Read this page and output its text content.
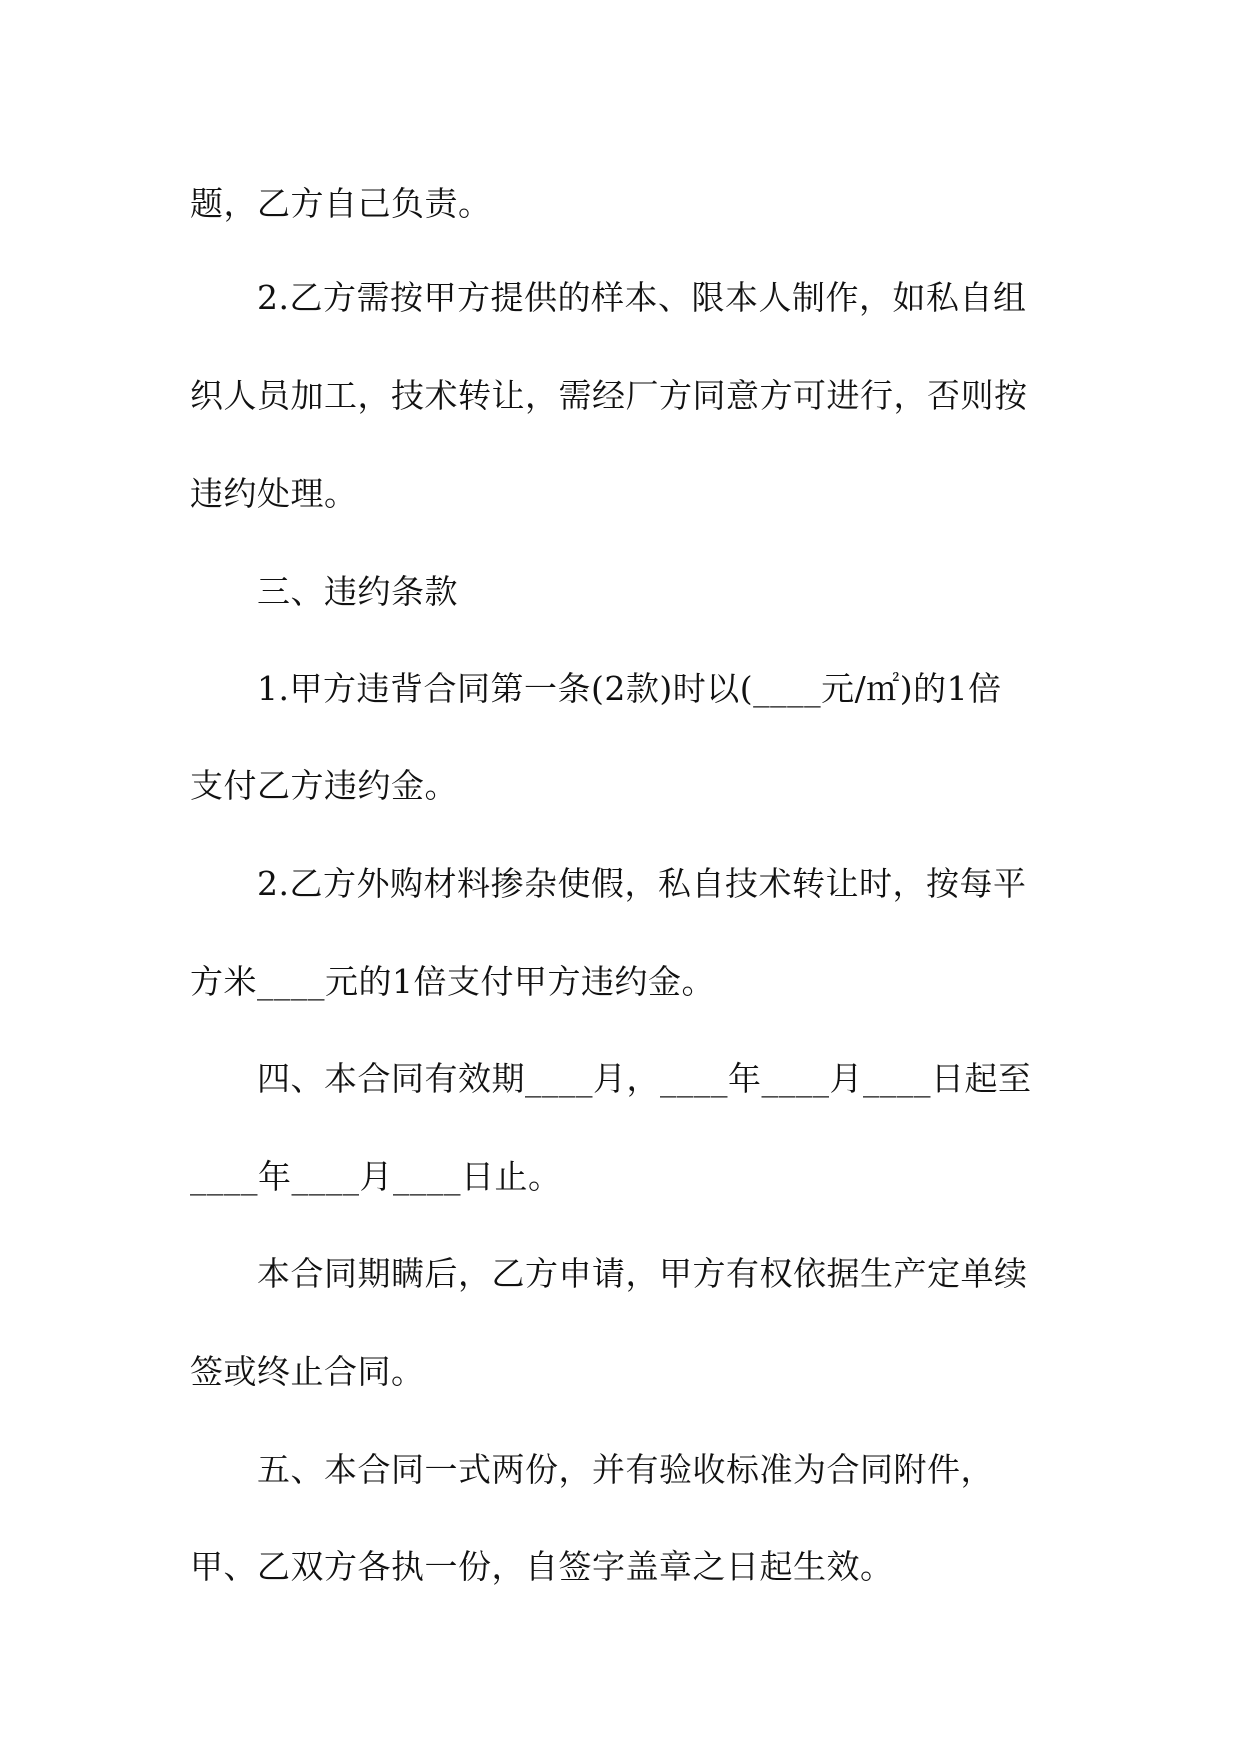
题，乙方自己负责。
2.乙方需按甲方提供的样本、限本人制作，如私自组
织人员加工，技术转让，需经厂方同意方可进行，否则按
违约处理。
三、违约条款
1.甲方违背合同第一条(2款)时以(____元/㎡)的1倍
支付乙方违约金。
2.乙方外购材料掺杂使假，私自技术转让时，按每平
方米____元的1倍支付甲方违约金。
四、本合同有效期____月，____年____月____日起至
____年____月____日止。
本合同期瞒后，乙方申请，甲方有权依据生产定单续
签或终止合同。
五、本合同一式两份，并有验收标准为合同附件，
甲、乙双方各执一份，自签字盖章之日起生效。
